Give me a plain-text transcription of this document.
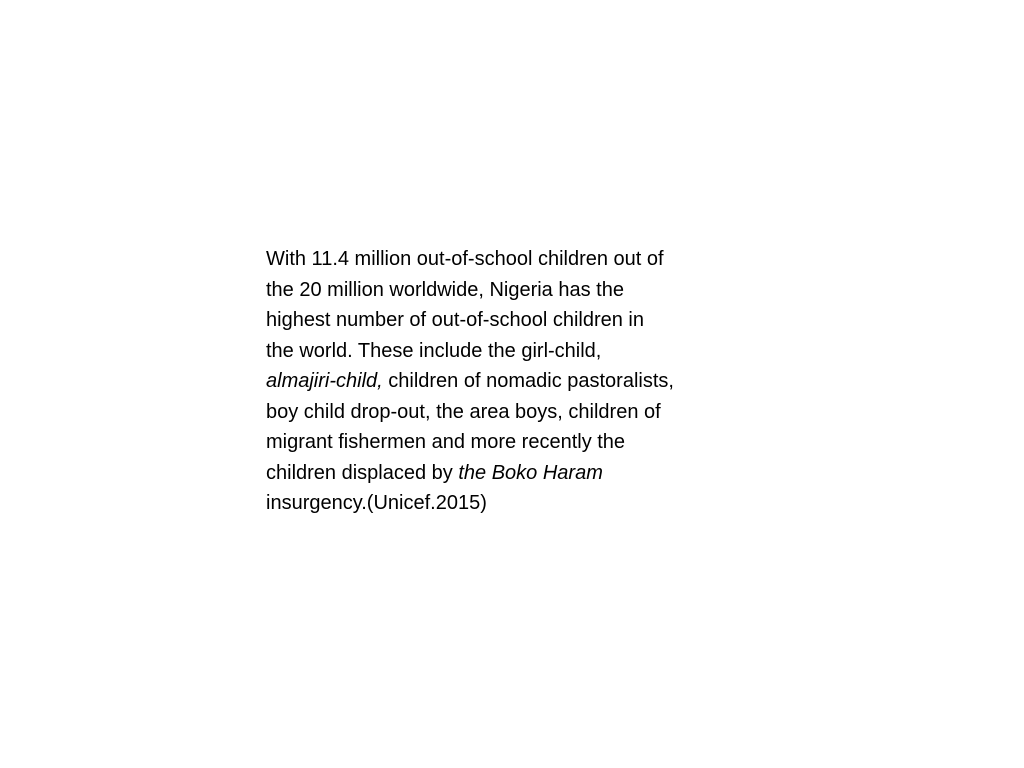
With 11.4 million out-of-school children out of
the 20 million worldwide, Nigeria has the
highest number of out-of-school children in
the world. These include the girl-child,
almajiri-child, children of nomadic pastoralists,
boy child drop-out, the area boys, children of
migrant fishermen and more recently the
children displaced by the Boko Haram
insurgency.(Unicef.2015)
